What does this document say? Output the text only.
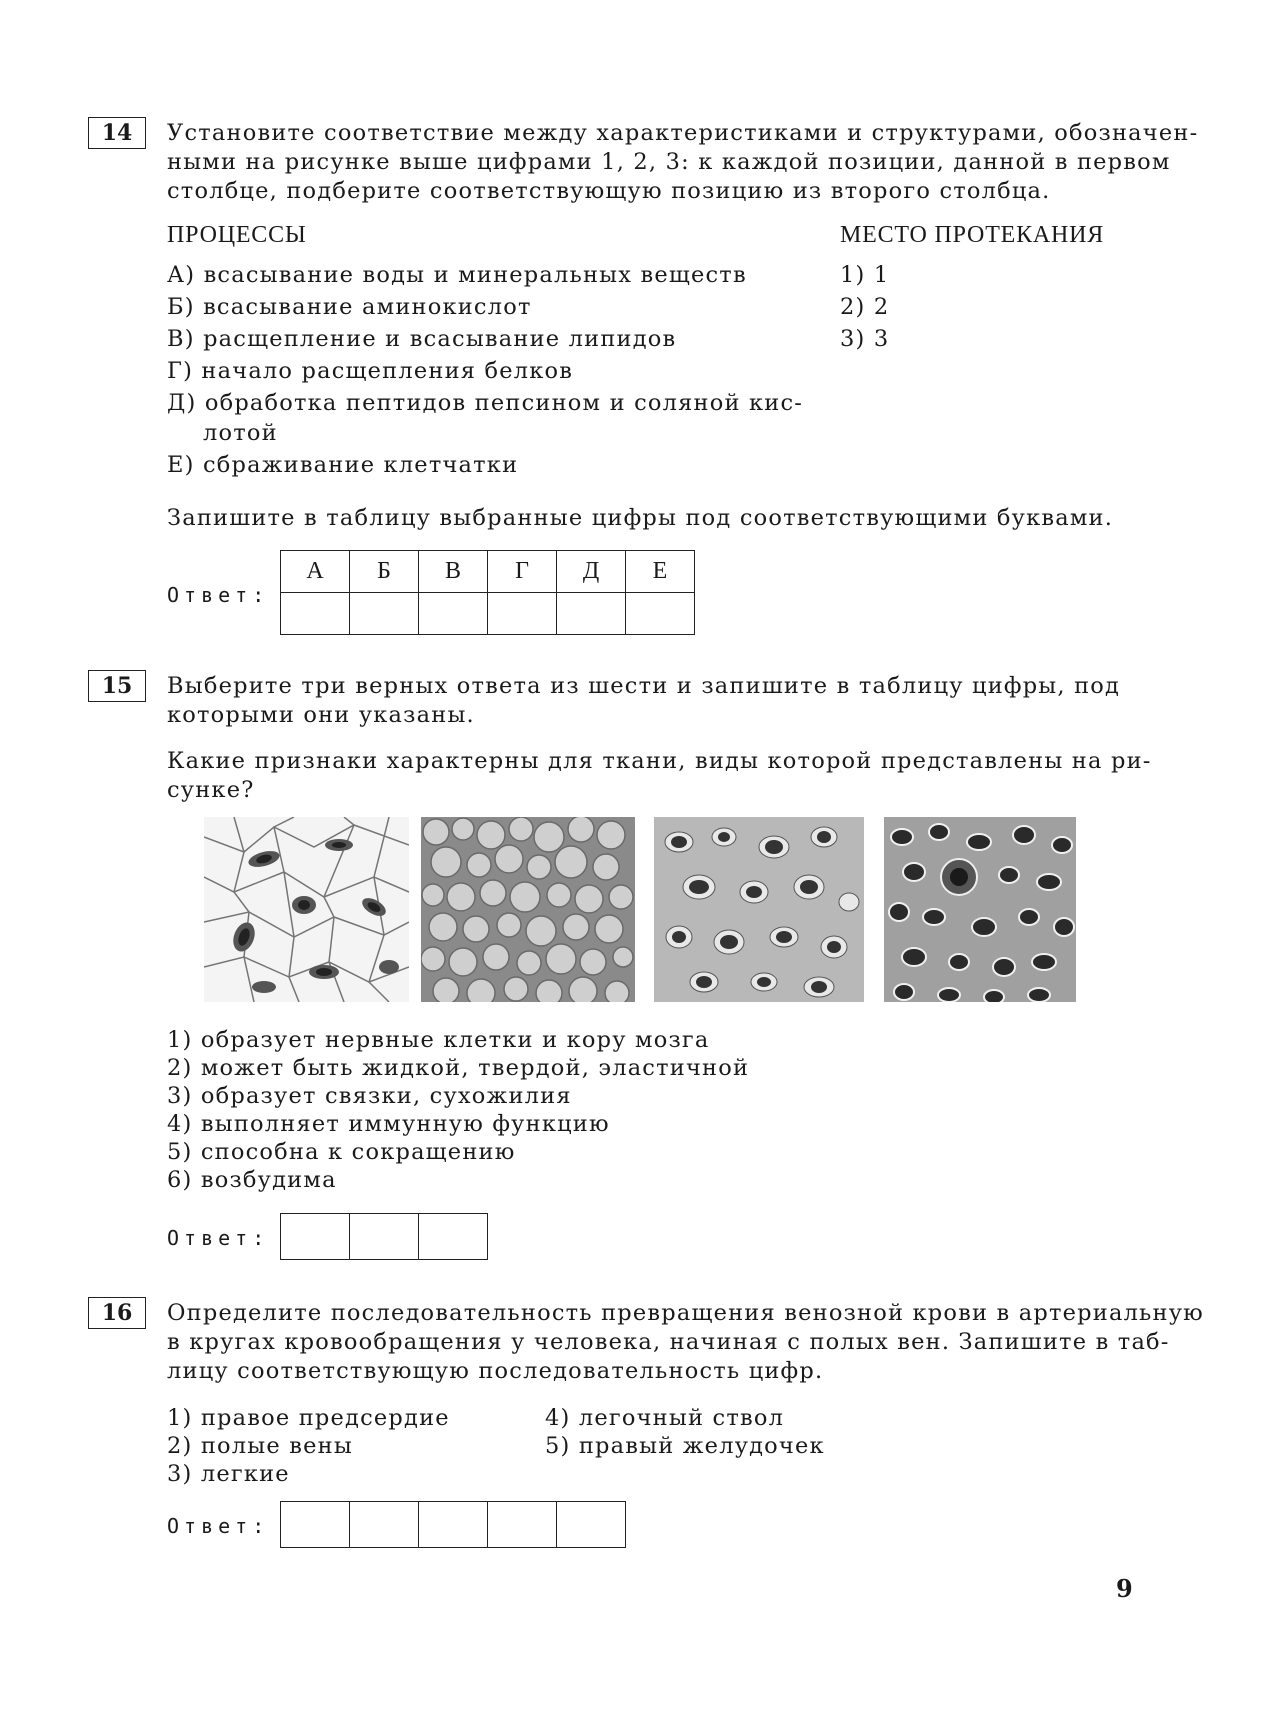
14	Установите соответствие между характеристиками и структурами, обозначен-
ными на рисунке выше цифрами 1, 2, 3: к каждой позиции, данной в первом
столбце, подберите соответствующую позицию из второго столбца.
ПРОЦЕССЫ	МЕСТО ПРОТЕКАНИЯ
А) всасывание воды и минеральных веществ
Б) всасывание аминокислот
В) расщепление и всасывание липидов
Г) начало расщепления белков
Д) обработка пептидов пепсином и соляной кис-
лотой
Е) сбраживание клетчатки
1) 1
2) 2
3) 3
Запишите в таблицу выбранные цифры под соответствующими буквами.
Ответ:
А	Б	В	Г	Д	Е

15	Выберите три верных ответа из шести и запишите в таблицу цифры, под
которыми они указаны.
Какие признаки характерны для ткани, виды которой представлены на ри-
сунке?
1) образует нервные клетки и кору мозга
2) может быть жидкой, твердой, эластичной
3) образует связки, сухожилия
4) выполняет иммунную функцию
5) способна к сокращению
6) возбудима
Ответ:

16	Определите последовательность превращения венозной крови в артериальную
в кругах кровообращения у человека, начиная с полых вен. Запишите в таб-
лицу соответствующую последовательность цифр.
1) правое предсердие
2) полые вены
3) легкие
4) легочный ствол
5) правый желудочек
Ответ:

9
